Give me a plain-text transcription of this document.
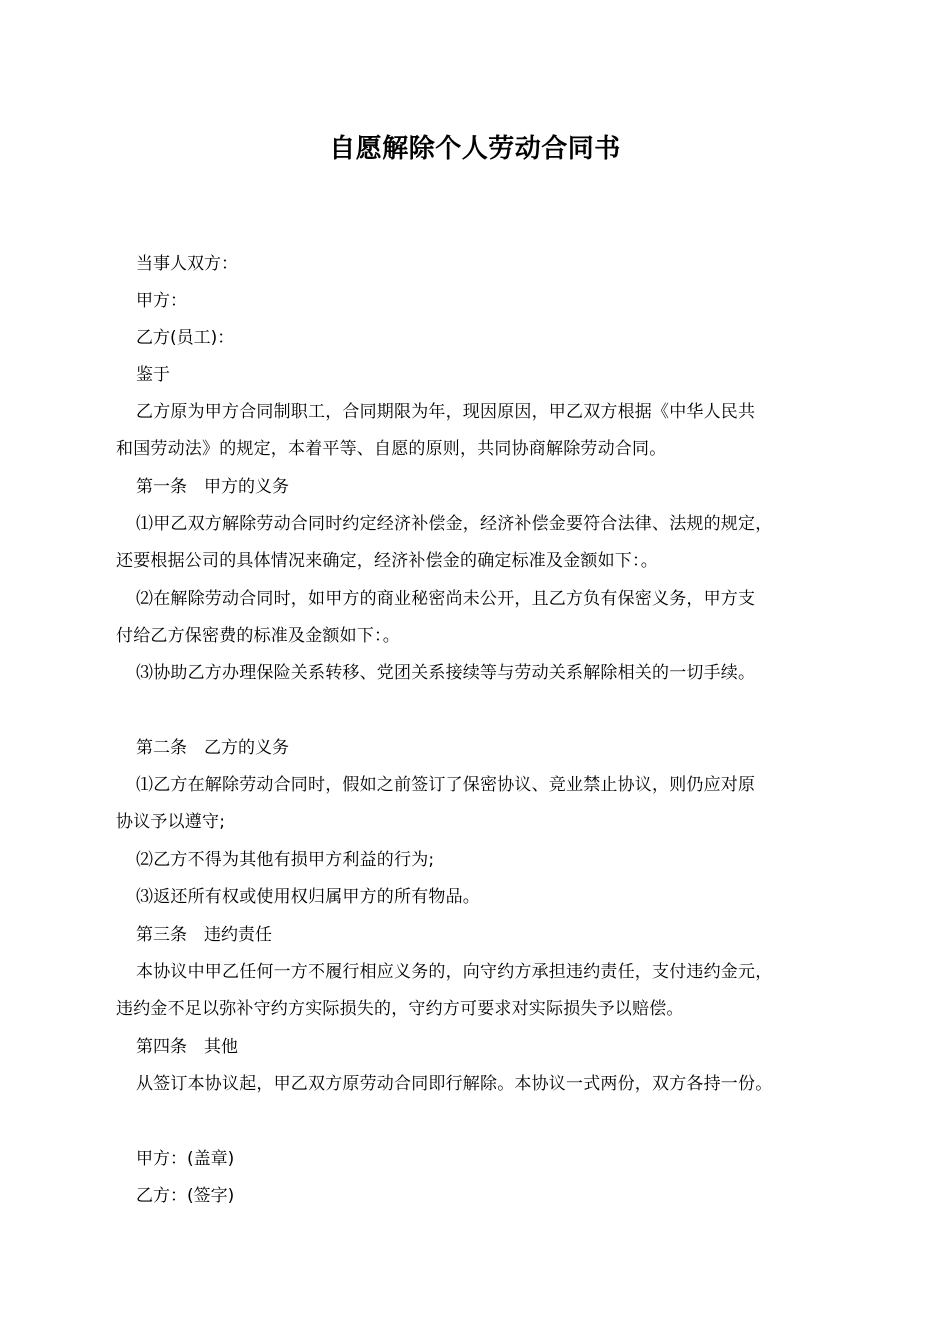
自愿解除个人劳动合同书
当事人双方：
甲方：
乙方(员工)：
鉴于
乙方原为甲方合同制职工，合同期限为年，现因原因，甲乙双方根据《中华人民共
和国劳动法》的规定，本着平等、自愿的原则，共同协商解除劳动合同。
第一条　甲方的义务
⑴甲乙双方解除劳动合同时约定经济补偿金，经济补偿金要符合法律、法规的规定，
还要根据公司的具体情况来确定，经济补偿金的确定标准及金额如下：。
⑵在解除劳动合同时，如甲方的商业秘密尚未公开，且乙方负有保密义务，甲方支
付给乙方保密费的标准及金额如下：。
⑶协助乙方办理保险关系转移、党团关系接续等与劳动关系解除相关的一切手续。
第二条　乙方的义务
⑴乙方在解除劳动合同时，假如之前签订了保密协议、竞业禁止协议，则仍应对原
协议予以遵守;
⑵乙方不得为其他有损甲方利益的行为;
⑶返还所有权或使用权归属甲方的所有物品。
第三条　违约责任
本协议中甲乙任何一方不履行相应义务的，向守约方承担违约责任，支付违约金元，
违约金不足以弥补守约方实际损失的，守约方可要求对实际损失予以赔偿。
第四条　其他
从签订本协议起，甲乙双方原劳动合同即行解除。本协议一式两份，双方各持一份。
甲方：(盖章)
乙方：(签字)
